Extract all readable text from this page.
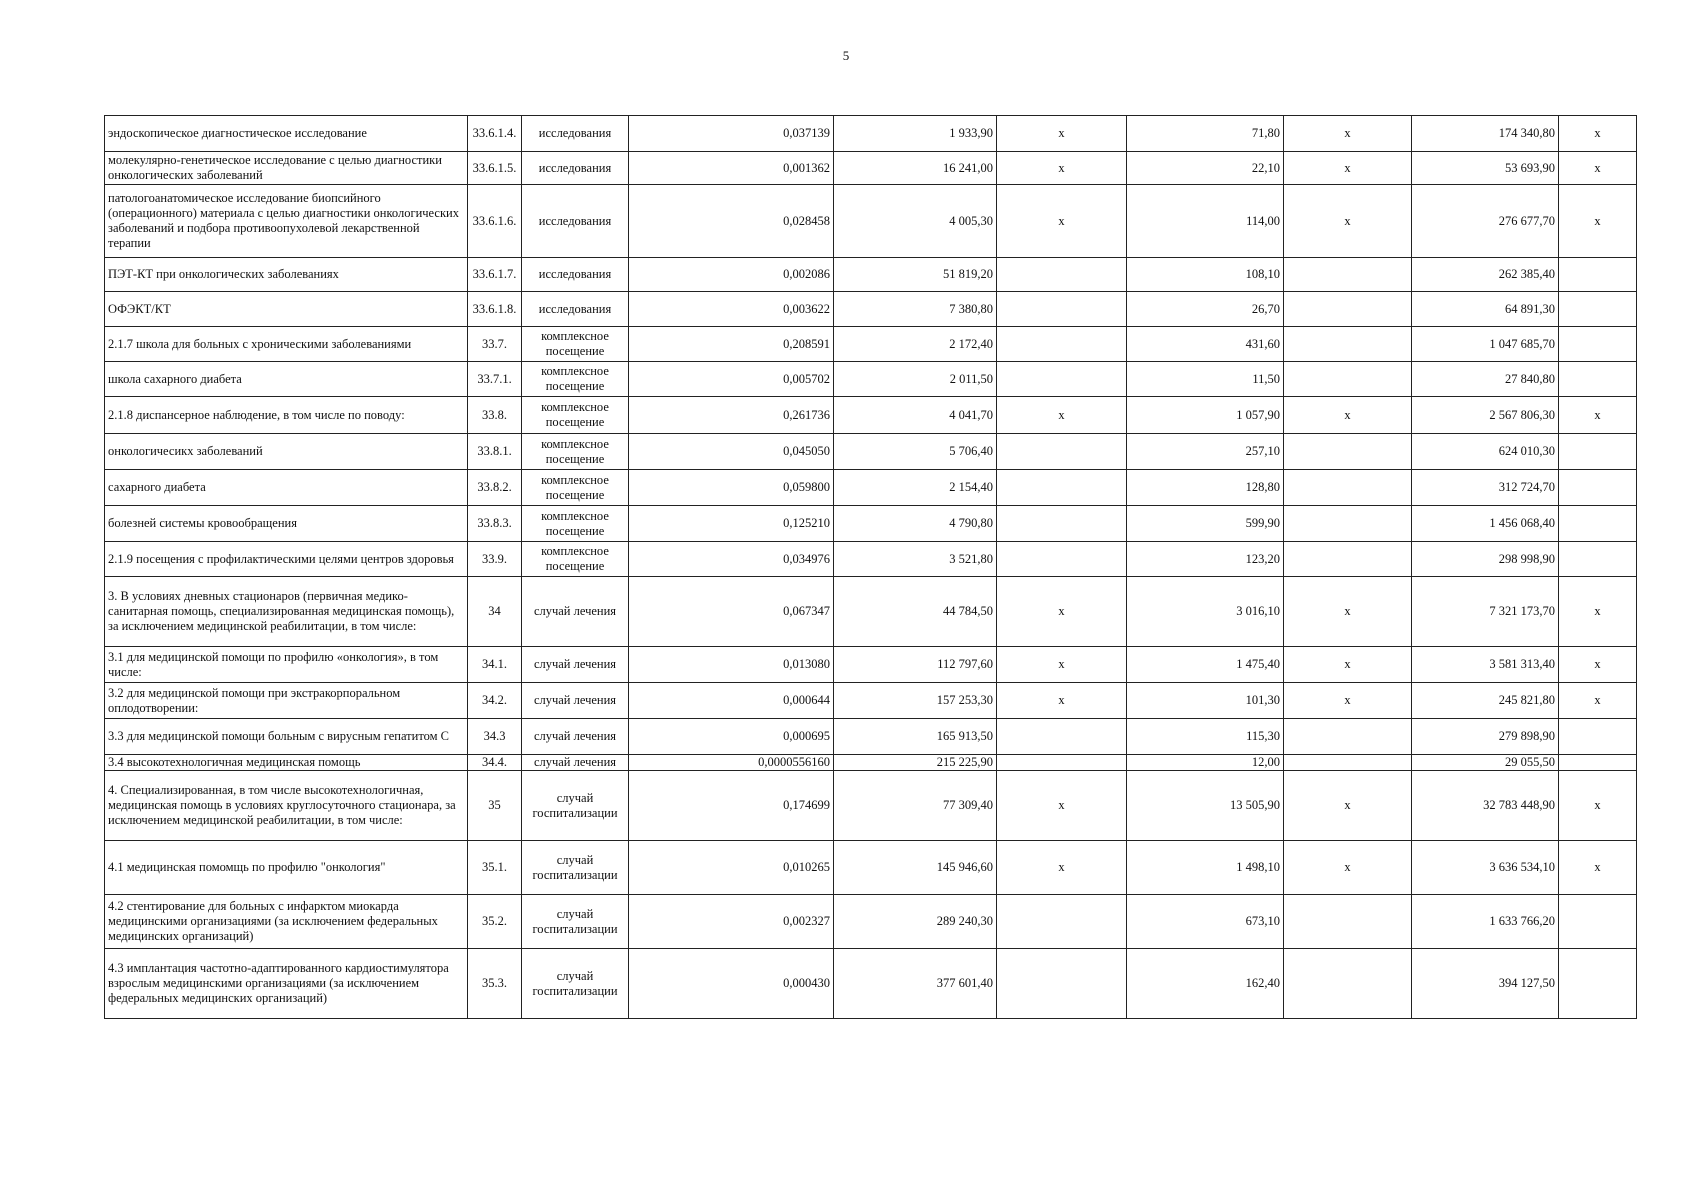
5
эндоскопическое диагностическое исследование	33.6.1.4.	исследования	0,037139	1 933,90	x	71,80	x	174 340,80	x
молекулярно-генетическое исследование с целью диагностики онкологических заболеваний	33.6.1.5.	исследования	0,001362	16 241,00	x	22,10	x	53 693,90	x
патологоанатомическое исследование биопсийного (операционного) материала с целью диагностики онкологических заболеваний и подбора противоопухолевой лекарственной терапии	33.6.1.6.	исследования	0,028458	4 005,30	x	114,00	x	276 677,70	x
ПЭТ-КТ при онкологических заболеваниях	33.6.1.7.	исследования	0,002086	51 819,20		108,10		262 385,40	
ОФЭКТ/КТ	33.6.1.8.	исследования	0,003622	7 380,80		26,70		64 891,30	
2.1.7 школа для больных с хроническими заболеваниями	33.7.	комплексное посещение	0,208591	2 172,40		431,60		1 047 685,70	
школа сахарного диабета	33.7.1.	комплексное посещение	0,005702	2 011,50		11,50		27 840,80	
2.1.8 диспансерное наблюдение, в том числе по поводу:	33.8.	комплексное посещение	0,261736	4 041,70	x	1 057,90	x	2 567 806,30	x
онкологичесикх заболеваний	33.8.1.	комплексное посещение	0,045050	5 706,40		257,10		624 010,30	
сахарного диабета	33.8.2.	комплексное посещение	0,059800	2 154,40		128,80		312 724,70	
болезней системы кровообращения	33.8.3.	комплексное посещение	0,125210	4 790,80		599,90		1 456 068,40	
2.1.9 посещения с профилактическими целями центров здоровья	33.9.	комплексное посещение	0,034976	3 521,80		123,20		298 998,90	
3. В условиях дневных стационаров (первичная медико-санитарная помощь, специализированная медицинская помощь), за исключением медицинской реабилитации, в том числе:	34	случай лечения	0,067347	44 784,50	x	3 016,10	x	7 321 173,70	x
3.1 для медицинской помощи по профилю «онкология», в том числе:	34.1.	случай лечения	0,013080	112 797,60	x	1 475,40	x	3 581 313,40	x
3.2 для медицинской помощи при экстракорпоральном оплодотворении:	34.2.	случай лечения	0,000644	157 253,30	x	101,30	x	245 821,80	x
3.3 для медицинской помощи больным с вирусным гепатитом С	34.3	случай лечения	0,000695	165 913,50		115,30		279 898,90	
3.4 высокотехнологичная медицинская помощь	34.4.	случай лечения	0,0000556160	215 225,90		12,00		29 055,50	
4. Специализированная, в том числе высокотехнологичная, медицинская помощь в условиях круглосуточного стационара, за исключением медицинской реабилитации, в том числе:	35	случай госпитализации	0,174699	77 309,40	x	13 505,90	x	32 783 448,90	x
4.1 медицинская помомщь по профилю "онкология"	35.1.	случай госпитализации	0,010265	145 946,60	x	1 498,10	x	3 636 534,10	x
4.2 стентирование для больных с инфарктом миокарда медицинскими организациями (за исключением федеральных медицинских организаций)	35.2.	случай госпитализации	0,002327	289 240,30		673,10		1 633 766,20	
4.3 имплантация частотно-адаптированного кардиостимулятора взрослым медицинскими организациями (за исключением федеральных медицинских организаций)	35.3.	случай госпитализации	0,000430	377 601,40		162,40		394 127,50	
